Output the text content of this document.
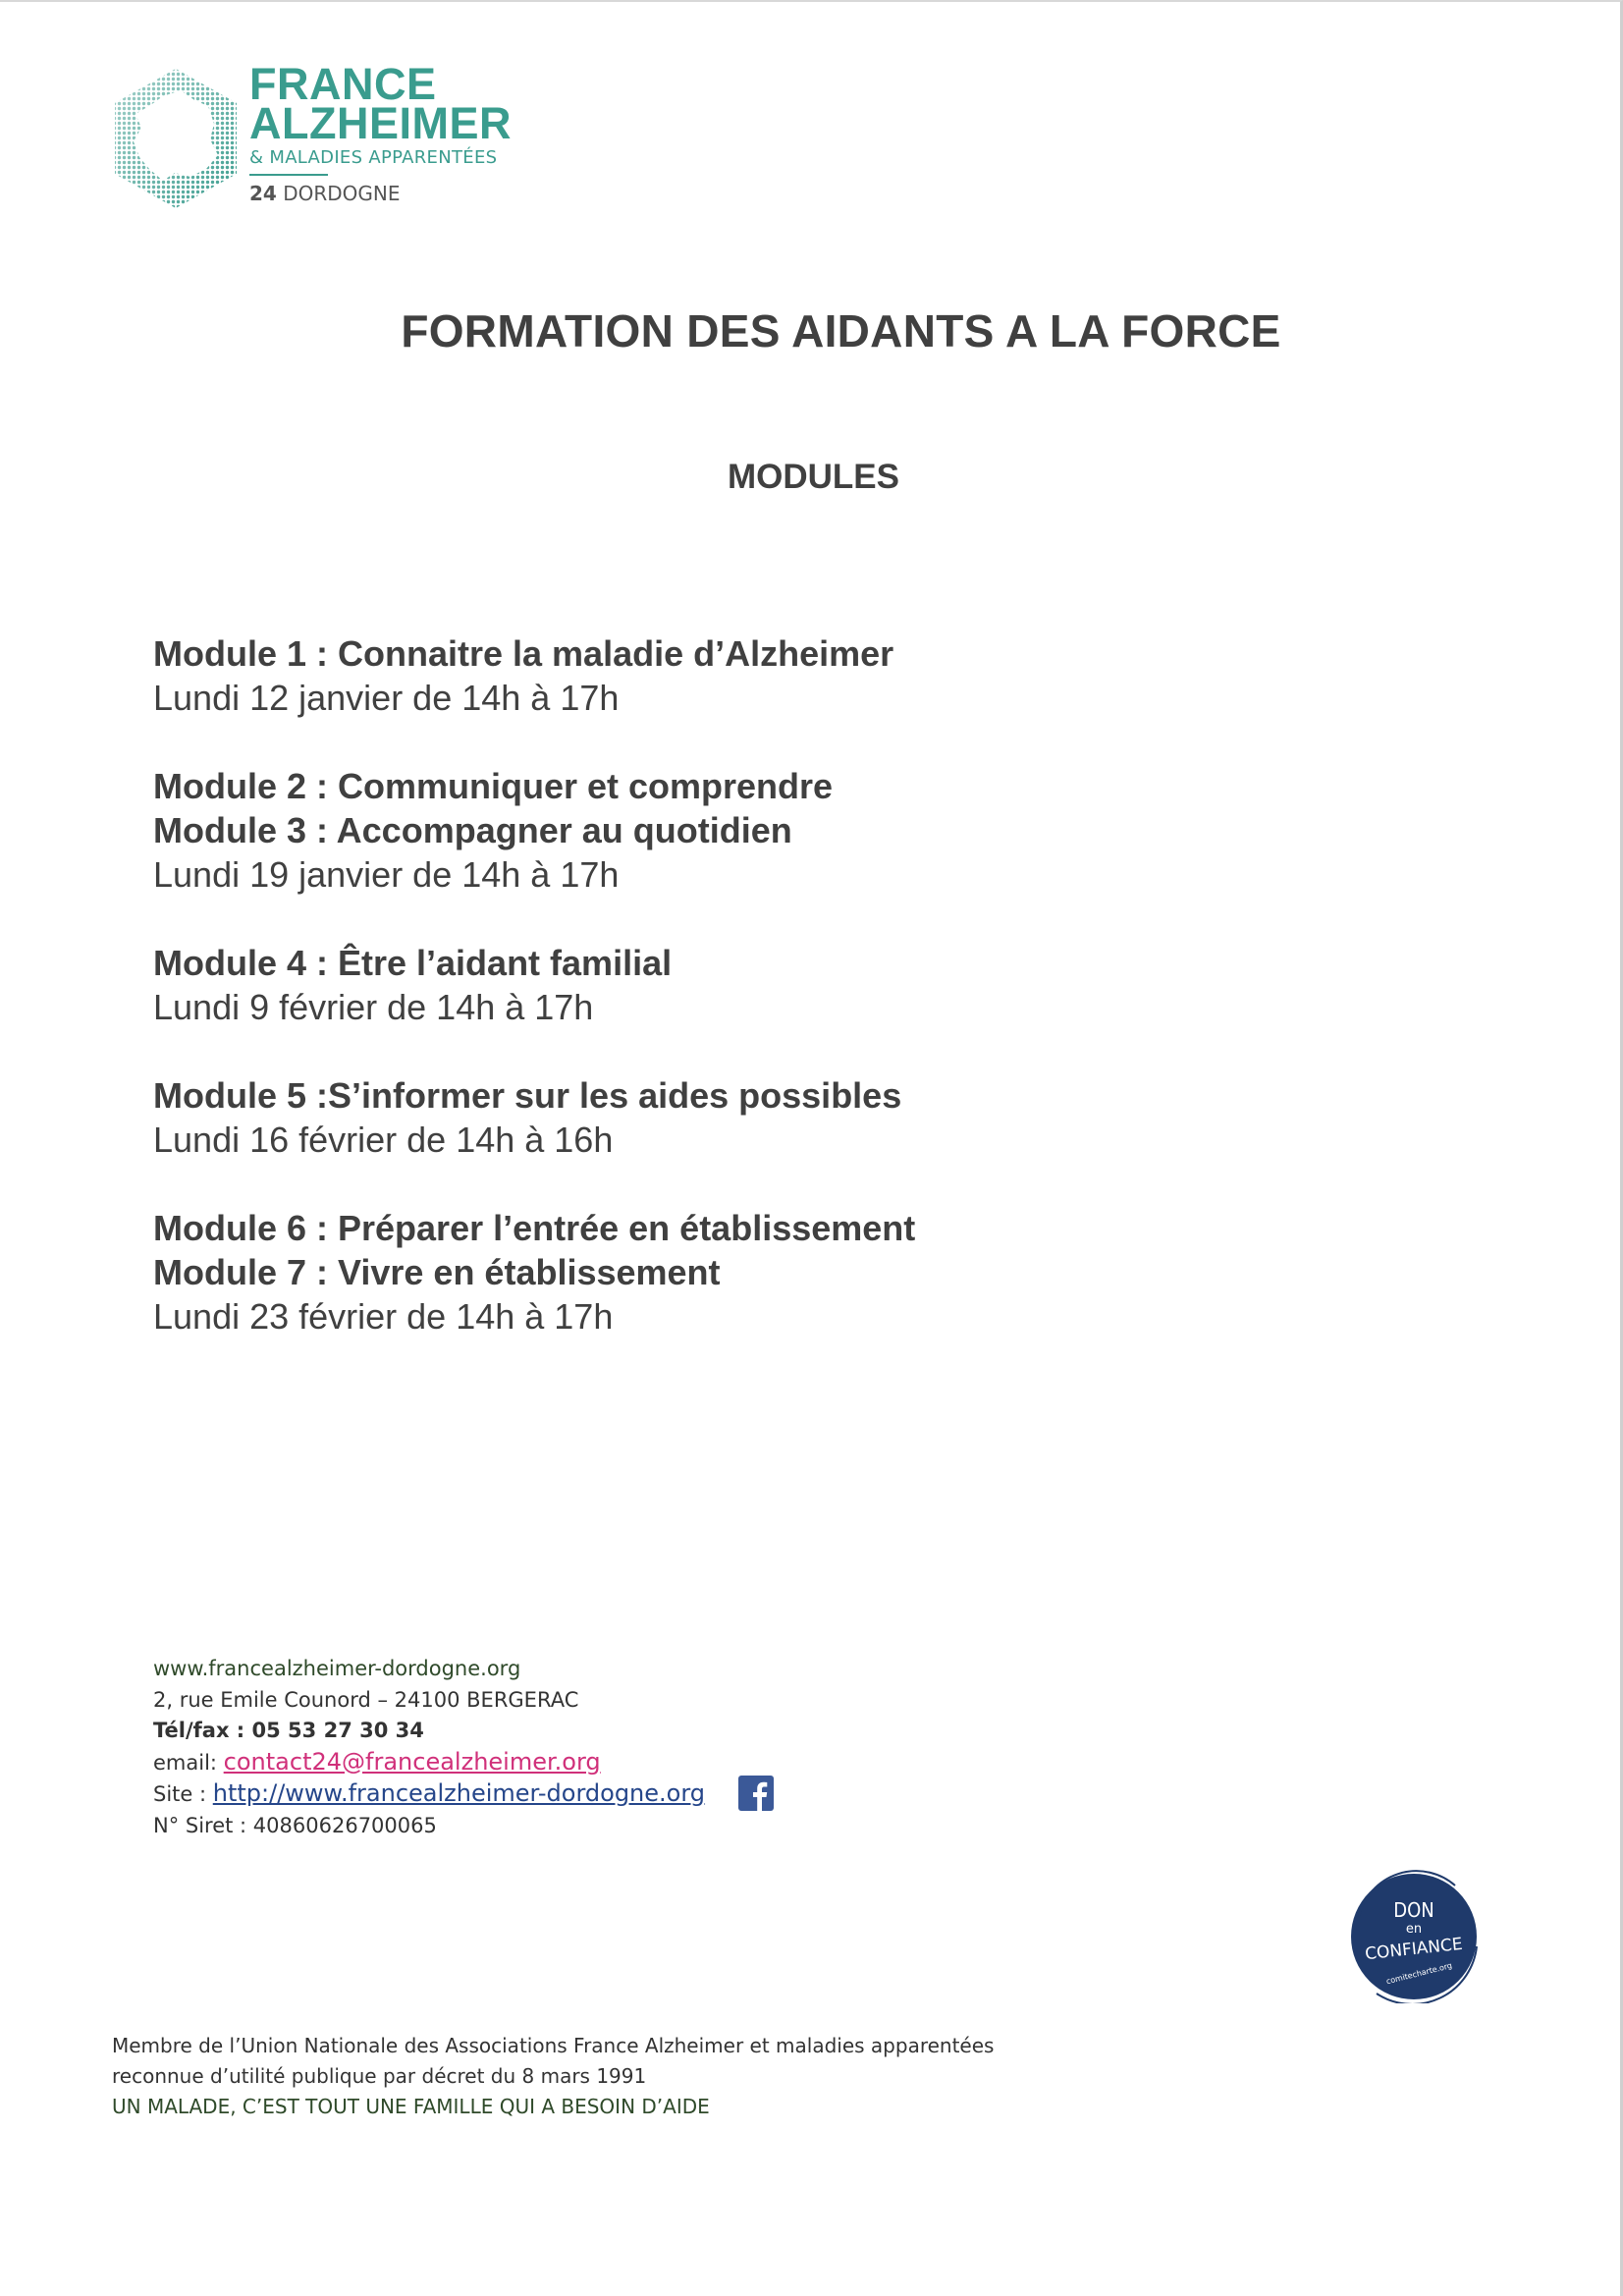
FRANCE
ALZHEIMER
& MALADIES APPARENTÉES
24 DORDOGNE
FORMATION DES AIDANTS A LA FORCE
MODULES
Module 1 : Connaitre la maladie d’Alzheimer
Lundi 12 janvier de 14h à 17h
Module 2 : Communiquer et comprendre
Module 3 : Accompagner au quotidien
Lundi 19 janvier de 14h à 17h
Module 4 : Être l’aidant familial
Lundi 9 février de 14h à 17h
Module 5 :S’informer sur les aides possibles
Lundi 16 février de 14h à 16h
Module 6 : Préparer l’entrée en établissement
Module 7 : Vivre en établissement
Lundi 23 février de 14h à 17h
www.francealzheimer-dordogne.org
2, rue Emile Counord – 24100 BERGERAC
Tél/fax : 05 53 27 30 34
email: contact24@francealzheimer.org
Site : http://www.francealzheimer-dordogne.org
N° Siret : 40860626700065
DON
en
CONFIANCE
comitecharte.org
Membre de l’Union Nationale des Associations France Alzheimer et maladies apparentées
reconnue d’utilité publique par décret du 8 mars 1991
UN MALADE, C’EST TOUT UNE FAMILLE QUI A BESOIN D’AIDE
